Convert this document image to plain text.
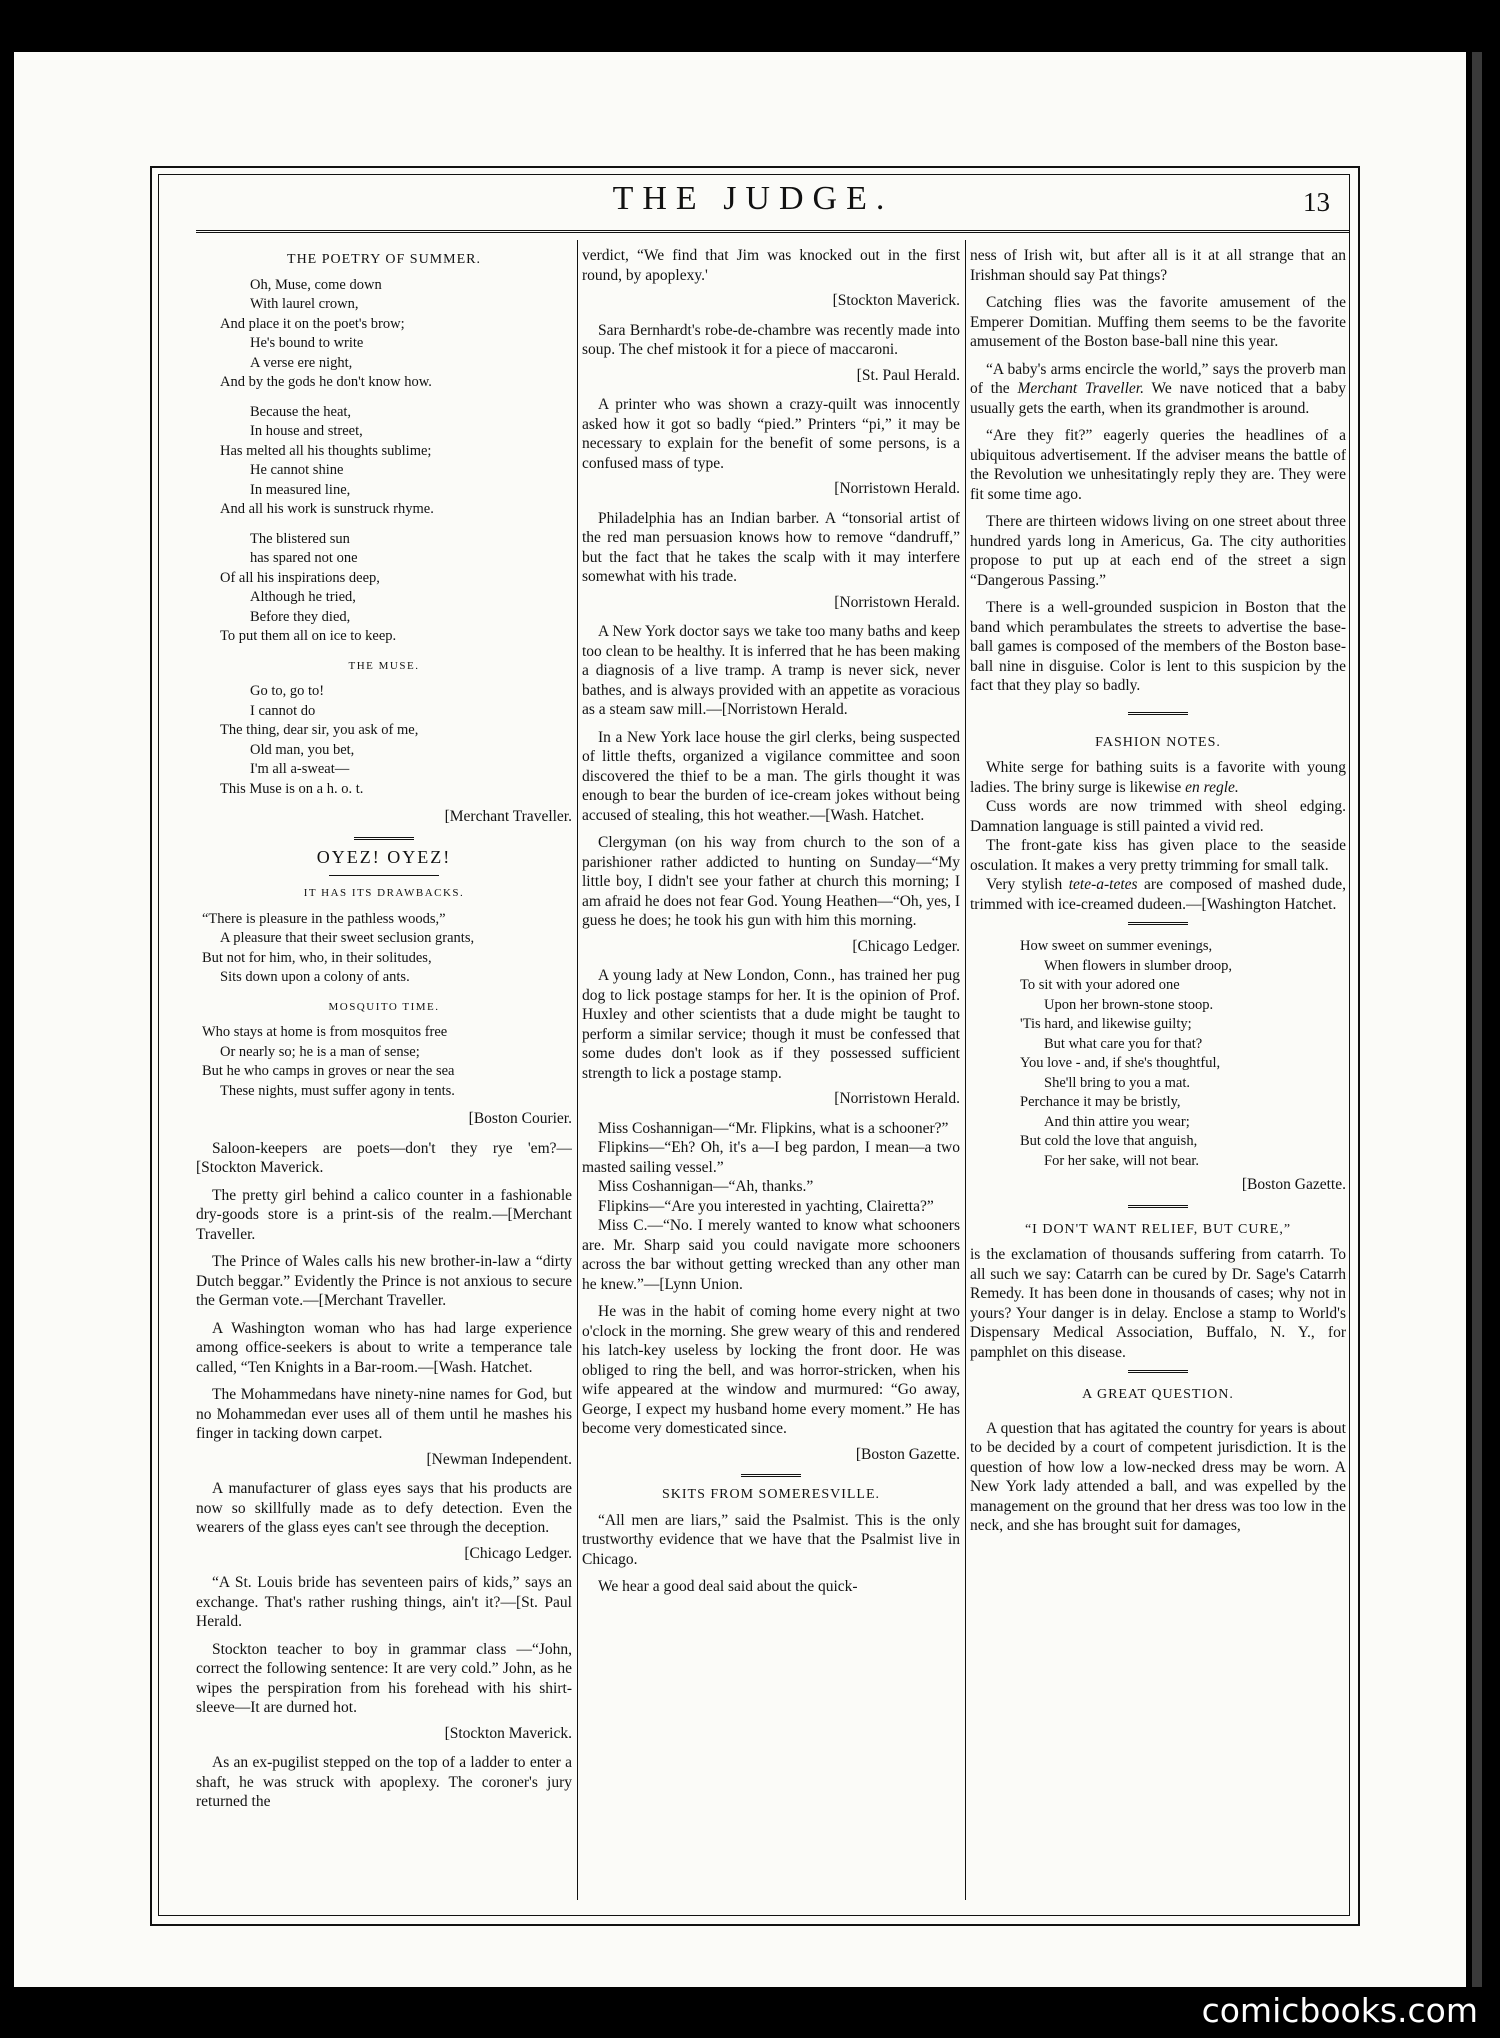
THE JUDGE.	13
THE POETRY OF SUMMER.
Oh, Muse, come down
With laurel crown,
And place it on the poet's brow;
He's bound to write
A verse ere night,
And by the gods he don't know how.
Because the heat,
In house and street,
Has melted all his thoughts sublime;
He cannot shine
In measured line,
And all his work is sunstruck rhyme.
The blistered sun
has spared not one
Of all his inspirations deep,
Although he tried,
Before they died,
To put them all on ice to keep.
THE MUSE.
Go to, go to!
I cannot do
The thing, dear sir, you ask of me,
Old man, you bet,
I'm all a-sweat—
This Muse is on a h. o. t.

[Merchant Traveller.

OYEZ! OYEZ!
IT HAS ITS DRAWBACKS.
“There is pleasure in the pathless woods,”
A pleasure that their sweet seclusion grants,
But not for him, who, in their solitudes,
Sits down upon a colony of ants.
MOSQUITO TIME.
Who stays at home is from mosquitos free
Or nearly so; he is a man of sense;
But he who camps in groves or near the sea
These nights, must suffer agony in tents.

[Boston Courier.

Saloon-keepers are poets—don't they rye 'em?—[Stockton Maverick.

The pretty girl behind a calico counter in a fashionable dry-goods store is a print-sis of the realm.—[Merchant Traveller.

The Prince of Wales calls his new brother-in-law a “dirty Dutch beggar.” Evidently the Prince is not anxious to secure the German vote.—[Merchant Traveller.

A Washington woman who has had large experience among office-seekers is about to write a temperance tale called, “Ten Knights in a Bar-room.—[Wash. Hatchet.

The Mohammedans have ninety-nine names for God, but no Mohammedan ever uses all of them until he mashes his finger in tacking down carpet.

[Newman Independent.

A manufacturer of glass eyes says that his products are now so skillfully made as to defy detection. Even the wearers of the glass eyes can't see through the deception.

[Chicago Ledger.

“A St. Louis bride has seventeen pairs of kids,” says an exchange. That's rather rushing things, ain't it?—[St. Paul Herald.

Stockton teacher to boy in grammar class —“John, correct the following sentence: It are very cold.” John, as he wipes the perspiration from his forehead with his shirt-sleeve—It are durned hot.

[Stockton Maverick.

As an ex-pugilist stepped on the top of a ladder to enter a shaft, he was struck with apoplexy. The coroner's jury returned the

verdict, “We find that Jim was knocked out in the first round, by apoplexy.'

[Stockton Maverick.

Sara Bernhardt's robe-de-chambre was recently made into soup. The chef mistook it for a piece of maccaroni.

[St. Paul Herald.

A printer who was shown a crazy-quilt was innocently asked how it got so badly “pied.” Printers “pi,” it may be necessary to explain for the benefit of some persons, is a confused mass of type.

[Norristown Herald.

Philadelphia has an Indian barber. A “tonsorial artist of the red man persuasion knows how to remove “dandruff,” but the fact that he takes the scalp with it may interfere somewhat with his trade.

[Norristown Herald.

A New York doctor says we take too many baths and keep too clean to be healthy. It is inferred that he has been making a diagnosis of a live tramp. A tramp is never sick, never bathes, and is always provided with an appetite as voracious as a steam saw mill.—[Norristown Herald.

In a New York lace house the girl clerks, being suspected of little thefts, organized a vigilance committee and soon discovered the thief to be a man. The girls thought it was enough to bear the burden of ice-cream jokes without being accused of stealing, this hot weather.—[Wash. Hatchet.

Clergyman (on his way from church to the son of a parishioner rather addicted to hunting on Sunday—“My little boy, I didn't see your father at church this morning; I am afraid he does not fear God. Young Heathen—“Oh, yes, I guess he does; he took his gun with him this morning.

[Chicago Ledger.

A young lady at New London, Conn., has trained her pug dog to lick postage stamps for her. It is the opinion of Prof. Huxley and other scientists that a dude might be taught to perform a similar service; though it must be confessed that some dudes don't look as if they possessed sufficient strength to lick a postage stamp.

[Norristown Herald.

Miss Coshannigan—“Mr. Flipkins, what is a schooner?”

Flipkins—“Eh? Oh, it's a—I beg pardon, I mean—a two masted sailing vessel.”

Miss Coshannigan—“Ah, thanks.”

Flipkins—“Are you interested in yachting, Clairetta?”

Miss C.—“No. I merely wanted to know what schooners are. Mr. Sharp said you could navigate more schooners across the bar without getting wrecked than any other man he knew.”—[Lynn Union.

He was in the habit of coming home every night at two o'clock in the morning. She grew weary of this and rendered his latch-key useless by locking the front door. He was obliged to ring the bell, and was horror-stricken, when his wife appeared at the window and murmured: “Go away, George, I expect my husband home every moment.” He has become very domesticated since.

[Boston Gazette.

SKITS FROM SOMERESVILLE.

“All men are liars,” said the Psalmist. This is the only trustworthy evidence that we have that the Psalmist live in Chicago.

We hear a good deal said about the quick-

ness of Irish wit, but after all is it at all strange that an Irishman should say Pat things?

Catching flies was the favorite amusement of the Emperer Domitian. Muffing them seems to be the favorite amusement of the Boston base-ball nine this year.

“A baby's arms encircle the world,” says the proverb man of the Merchant Traveller. We nave noticed that a baby usually gets the earth, when its grandmother is around.

“Are they fit?” eagerly queries the headlines of a ubiquitous advertisement. If the adviser means the battle of the Revolution we unhesitatingly reply they are. They were fit some time ago.

There are thirteen widows living on one street about three hundred yards long in Americus, Ga. The city authorities propose to put up at each end of the street a sign “Dangerous Passing.”

There is a well-grounded suspicion in Boston that the band which perambulates the streets to advertise the base-ball games is composed of the members of the Boston base-ball nine in disguise. Color is lent to this suspicion by the fact that they play so badly.

FASHION NOTES.

White serge for bathing suits is a favorite with young ladies. The briny surge is likewise en regle.

Cuss words are now trimmed with sheol edging. Damnation language is still painted a vivid red.

The front-gate kiss has given place to the seaside osculation. It makes a very pretty trimming for small talk.

Very stylish tete-a-tetes are composed of mashed dude, trimmed with ice-creamed dudeen.—[Washington Hatchet.

How sweet on summer evenings,
When flowers in slumber droop,
To sit with your adored one
Upon her brown-stone stoop.
'Tis hard, and likewise guilty;
But what care you for that?
You love - and, if she's thoughtful,
She'll bring to you a mat.
Perchance it may be bristly,
And thin attire you wear;
But cold the love that anguish,
For her sake, will not bear.

[Boston Gazette.

“I DON'T WANT RELIEF, BUT CURE,”

is the exclamation of thousands suffering from catarrh. To all such we say: Catarrh can be cured by Dr. Sage's Catarrh Remedy. It has been done in thousands of cases; why not in yours? Your danger is in delay. Enclose a stamp to World's Dispensary Medical Association, Buffalo, N. Y., for pamphlet on this disease.

A GREAT QUESTION.

A question that has agitated the country for years is about to be decided by a court of competent jurisdiction. It is the question of how low a low-necked dress may be worn. A New York lady attended a ball, and was expelled by the management on the ground that her dress was too low in the neck, and she has brought suit for damages,

comicbooks.com
